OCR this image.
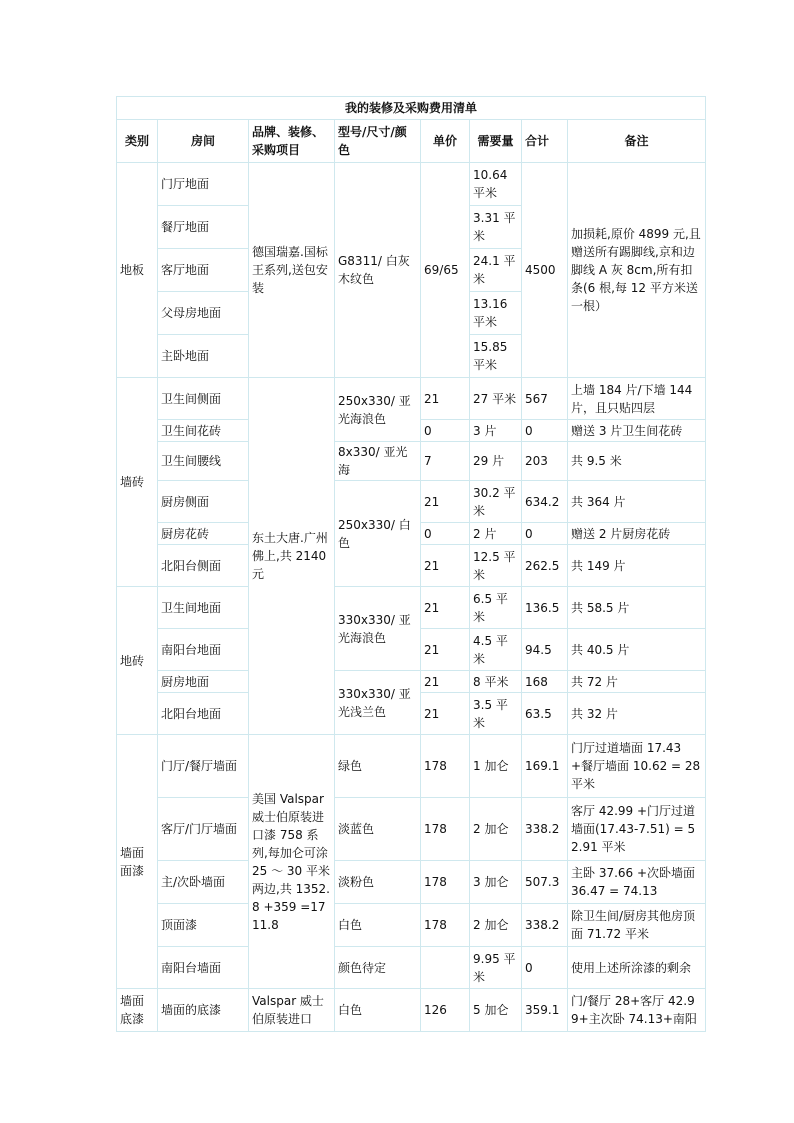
我的装修及采购费用清单							
类别	房间	品牌、装修、采购项目	型号/尺寸/颜色	单价	需要量	合计	备注
地板	门厅地面	德国瑞嘉.国标王系列,送包安装	G8311/ 白灰木纹色	69/65	10.64 平米	4500	加损耗,原价 4899 元,且赠送所有踢脚线,京和边脚线 A 灰 8cm,所有扣条(6 根,每 12 平方米送一根）
	餐厅地面				3.31 平米		
	客厅地面				24.1 平米		
	父母房地面				13.16 平米		
	主卧地面				15.85 平米		
墙砖	卫生间侧面	东土大唐.广州佛上,共 2140 元	250x330/ 亚光海浪色	21	27 平米	567	上墙 184 片/下墙 144 片，且只贴四层
	卫生间花砖			0	3 片	0	赠送 3 片卫生间花砖
	卫生间腰线		8x330/ 亚光海	7	29 片	203	共 9.5 米
	厨房侧面		250x330/ 白色	21	30.2 平米	634.2	共 364 片
	厨房花砖			0	2 片	0	赠送 2 片厨房花砖
	北阳台侧面			21	12.5 平米	262.5	共 149 片
地砖	卫生间地面		330x330/ 亚光海浪色	21	6.5 平米	136.5	共 58.5 片
	南阳台地面			21	4.5 平米	94.5	共 40.5 片
	厨房地面		330x330/ 亚光浅兰色	21	8 平米	168	共 72 片
	北阳台地面			21	3.5 平米	63.5	共 32 片
墙面面漆	门厅/餐厅墙面	美国 Valspar 威士伯原装进口漆 758 系列,每加仑可涂 25 ～ 30 平米两边,共 1352.8 +359 =1711.8	绿色	178	1 加仑	169.1	门厅过道墙面 17.43 +餐厅墙面 10.62 = 28 平米
	客厅/门厅墙面		淡蓝色	178	2 加仑	338.2	客厅 42.99 +门厅过道墙面(17.43-7.51) = 52.91 平米
	主/次卧墙面		淡粉色	178	3 加仑	507.3	主卧 37.66 +次卧墙面 36.47 = 74.13
	顶面漆		白色	178	2 加仑	338.2	除卫生间/厨房其他房顶面 71.72 平米
	南阳台墙面		颜色待定		9.95 平米	0	使用上述所涂漆的剩余
墙面底漆	墙面的底漆	Valspar 威士伯原装进口	白色	126	5 加仑	359.1	门/餐厅 28+客厅 42.99+主次卧 74.13+南阳
